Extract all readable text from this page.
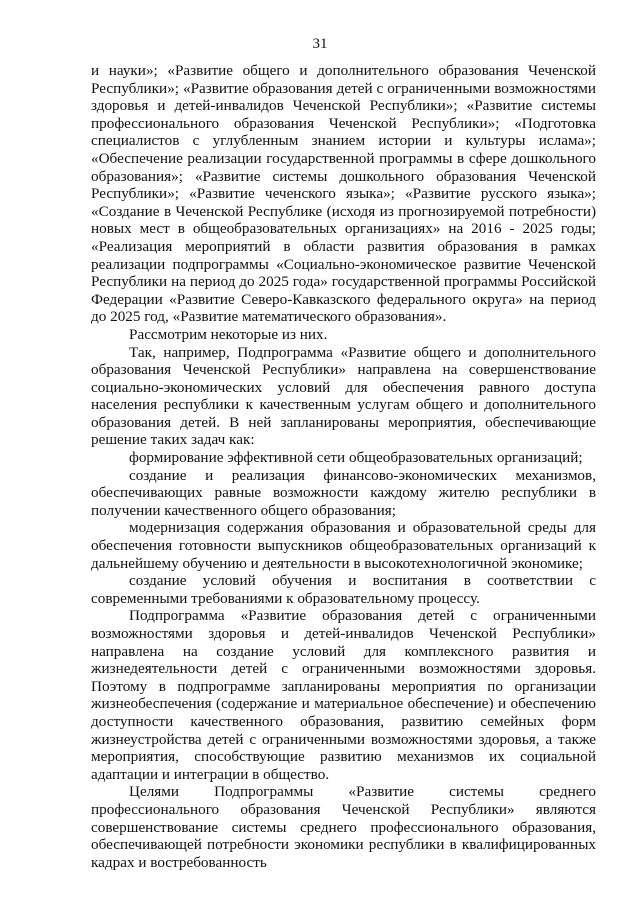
31

и науки»; «Развитие общего и дополнительного образования Чеченской Республики»; «Развитие образования детей с ограниченными возможностями здоровья и детей-инвалидов Чеченской Республики»; «Развитие системы профессионального образования Чеченской Республики»; «Подготовка специалистов с углубленным знанием истории и культуры ислама»; «Обеспечение реализации государственной программы в сфере дошкольного образования»; «Развитие системы дошкольного образования Чеченской Республики»; «Развитие чеченского языка»; «Развитие русского языка»; «Создание в Чеченской Республике (исходя из прогнозируемой потребности) новых мест в общеобразовательных организациях» на 2016 - 2025 годы; «Реализация мероприятий в области развития образования в рамках реализации подпрограммы «Социально-экономическое развитие Чеченской Республики на период до 2025 года» государственной программы Российской Федерации «Развитие Северо-Кавказского федерального округа» на период до 2025 год, «Развитие математического образования».

Рассмотрим некоторые из них.

Так, например, Подпрограмма «Развитие общего и дополнительного образования Чеченской Республики» направлена на совершенствование социально-экономических условий для обеспечения равного доступа населения республики к качественным услугам общего и дополнительного образования детей. В ней запланированы мероприятия, обеспечивающие решение таких задач как:

формирование эффективной сети общеобразовательных организаций;

создание и реализация финансово-экономических механизмов, обеспечивающих равные возможности каждому жителю республики в получении качественного общего образования;

модернизация содержания образования и образовательной среды для обеспечения готовности выпускников общеобразовательных организаций к дальнейшему обучению и деятельности в высокотехнологичной экономике;

создание условий обучения и воспитания в соответствии с современными требованиями к образовательному процессу.

Подпрограмма «Развитие образования детей с ограниченными возможностями здоровья и детей-инвалидов Чеченской Республики» направлена на создание условий для комплексного развития и жизнедеятельности детей с ограниченными возможностями здоровья. Поэтому в подпрограмме запланированы мероприятия по организации жизнеобеспечения (содержание и материальное обеспечение) и обеспечению доступности качественного образования, развитию семейных форм жизнеустройства детей с ограниченными возможностями здоровья, а также мероприятия, способствующие развитию механизмов их социальной адаптации и интеграции в общество.

Целями Подпрограммы «Развитие системы среднего профессионального образования Чеченской Республики» являются совершенствование системы среднего профессионального образования, обеспечивающей потребности экономики республики в квалифицированных кадрах и востребованность
